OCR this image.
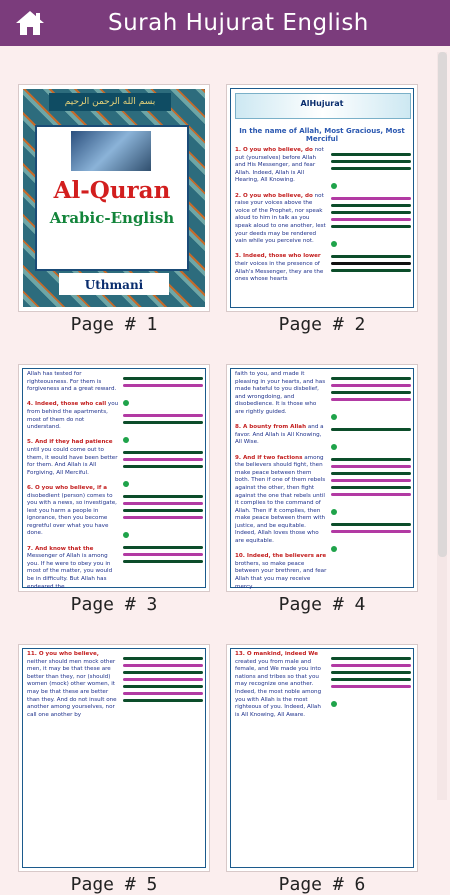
Surah Hujurat English
بسم الله الرحمن الرحيم
Al-Quran
Arabic-English
Uthmani
Page # 1
AlHujurat
In the name of Allah, Most Gracious, Most Merciful
1. O you who believe, do not put (yourselves) before Allah and His Messenger, and fear Allah. Indeed, Allah is All Hearing, All Knowing.

2. O you who believe, do not raise your voices above the voice of the Prophet, nor speak aloud to him in talk as you speak aloud to one another, lest your deeds may be rendered vain while you perceive not.

3. Indeed, those who lower their voices in the presence of Allah's Messenger, they are the ones whose hearts
Page # 2
Allah has tested for righteousness. For them is forgiveness and a great reward.

4. Indeed, those who call you from behind the apartments, most of them do not understand.

5. And if they had patience until you could come out to them, it would have been better for them. And Allah is All Forgiving, All Merciful.

6. O you who believe, if a disobedient (person) comes to you with a news, so investigate, lest you harm a people in ignorance, then you become regretful over what you have done.

7. And know that the Messenger of Allah is among you. If he were to obey you in most of the matter, you would be in difficulty. But Allah has endeared the
Page # 3
faith to you, and made it pleasing in your hearts, and has made hateful to you disbelief, and wrongdoing, and disobedience. It is those who are rightly guided.

8. A bounty from Allah and a favor. And Allah is All Knowing, All Wise.

9. And if two factions among the believers should fight, then make peace between them both. Then if one of them rebels against the other, then fight against the one that rebels until it complies to the command of Allah. Then if it complies, then make peace between them with justice, and be equitable. Indeed, Allah loves those who are equitable.

10. Indeed, the believers are brothers, so make peace between your brethren, and fear Allah that you may receive mercy.
Page # 4
11. O you who believe, neither should men mock other men, it may be that these are better than they, nor (should) women (mock) other women, it may be that these are better than they. And do not insult one another among yourselves, nor call one another by
Page # 5
13. O mankind, indeed We created you from male and female, and We made you into nations and tribes so that you may recognize one another. Indeed, the most noble among you with Allah is the most righteous of you. Indeed, Allah is All Knowing, All Aware.
Page # 6
